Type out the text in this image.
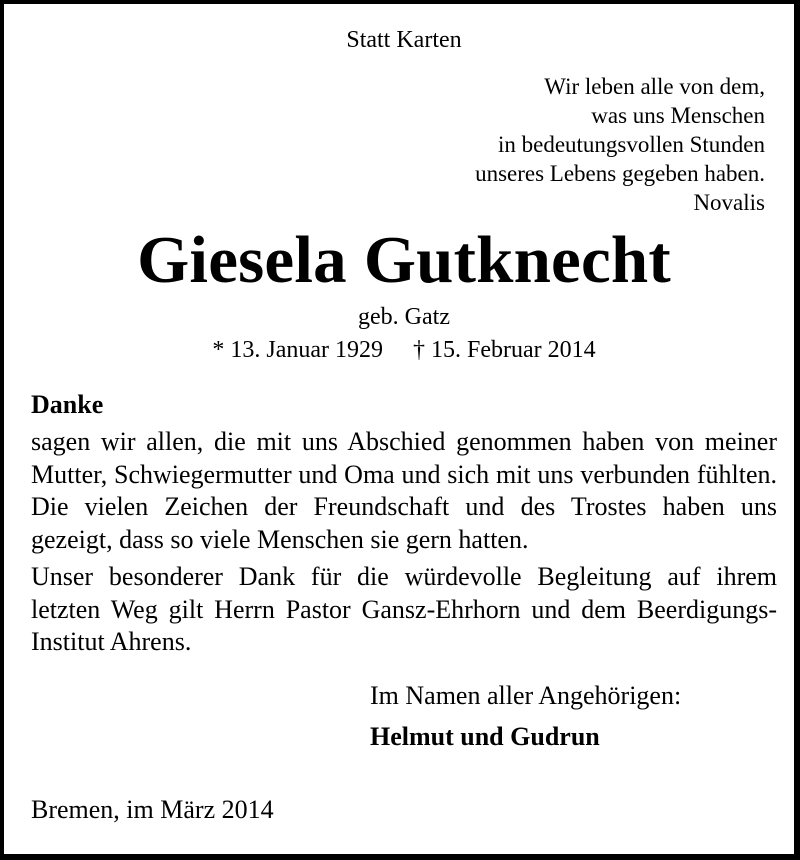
Statt Karten
Wir leben alle von dem,
was uns Menschen
in bedeutungsvollen Stunden
unseres Lebens gegeben haben.
Novalis
Giesela Gutknecht
geb. Gatz
* 13. Januar 1929 † 15. Februar 2014
Danke

sagen wir allen, die mit uns Abschied genommen haben von meiner Mutter, Schwiegermutter und Oma und sich mit uns verbunden fühlten. Die vielen Zeichen der Freundschaft und des Trostes haben uns gezeigt, dass so viele Menschen sie gern hatten.

Unser besonderer Dank für die würdevolle Begleitung auf ihrem letzten Weg gilt Herrn Pastor Gansz-Ehrhorn und dem Beerdigungs-Institut Ahrens.

Im Namen aller Angehörigen:
Helmut und Gudrun
Bremen, im März 2014
